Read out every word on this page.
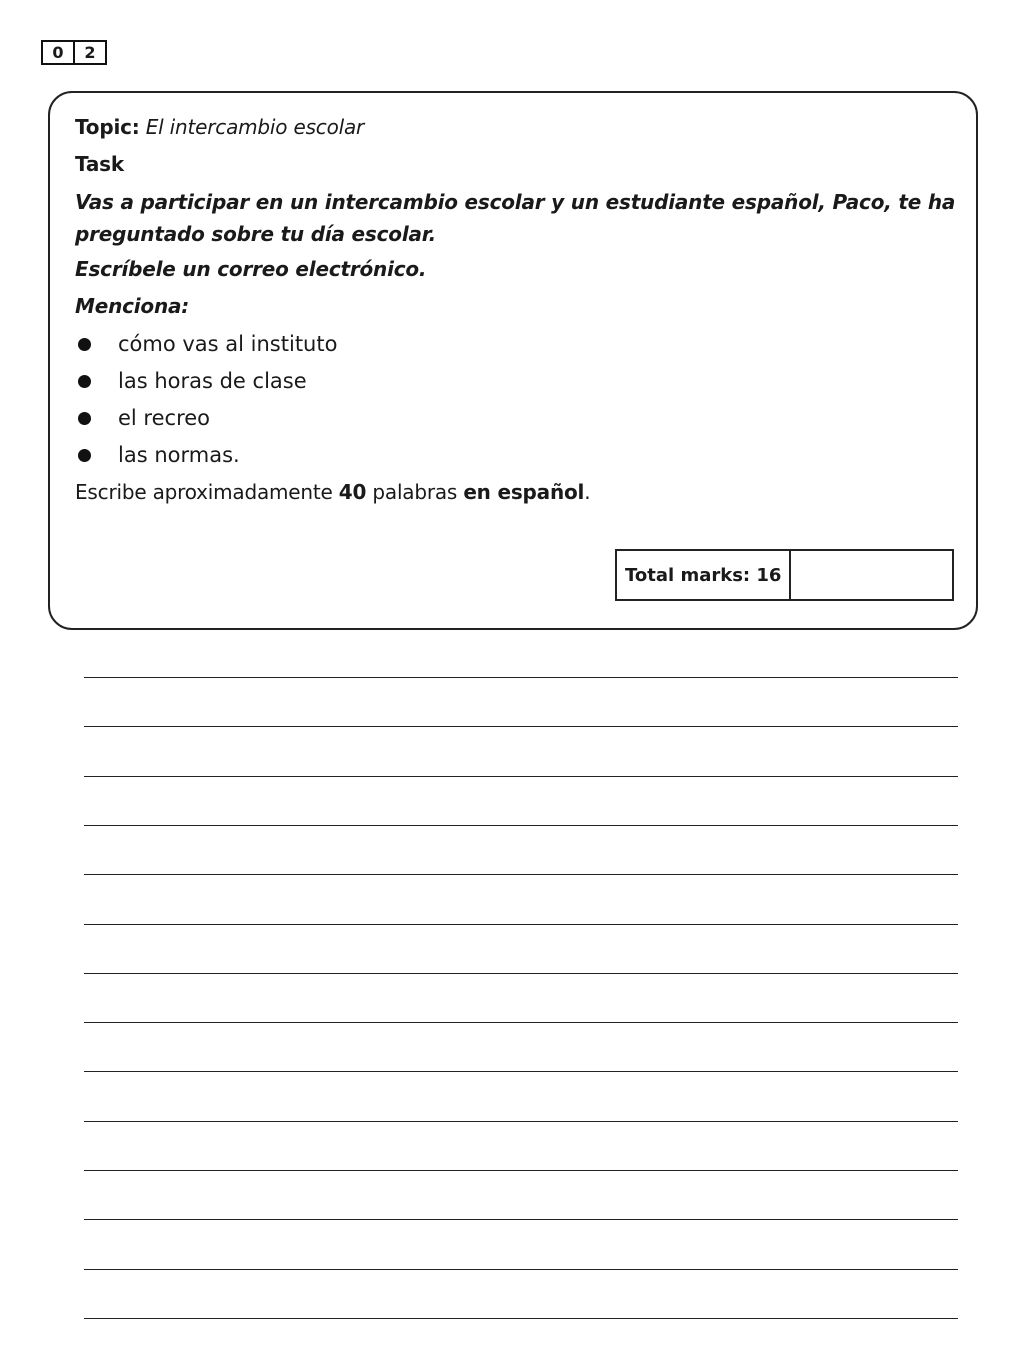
0	2
Topic: El intercambio escolar
Task
Vas a participar en un intercambio escolar y un estudiante español, Paco, te ha
preguntado sobre tu día escolar.
Escríbele un correo electrónico.
Menciona:
cómo vas al instituto
las horas de clase
el recreo
las normas.
Escribe aproximadamente 40 palabras en español.
Total marks: 16
